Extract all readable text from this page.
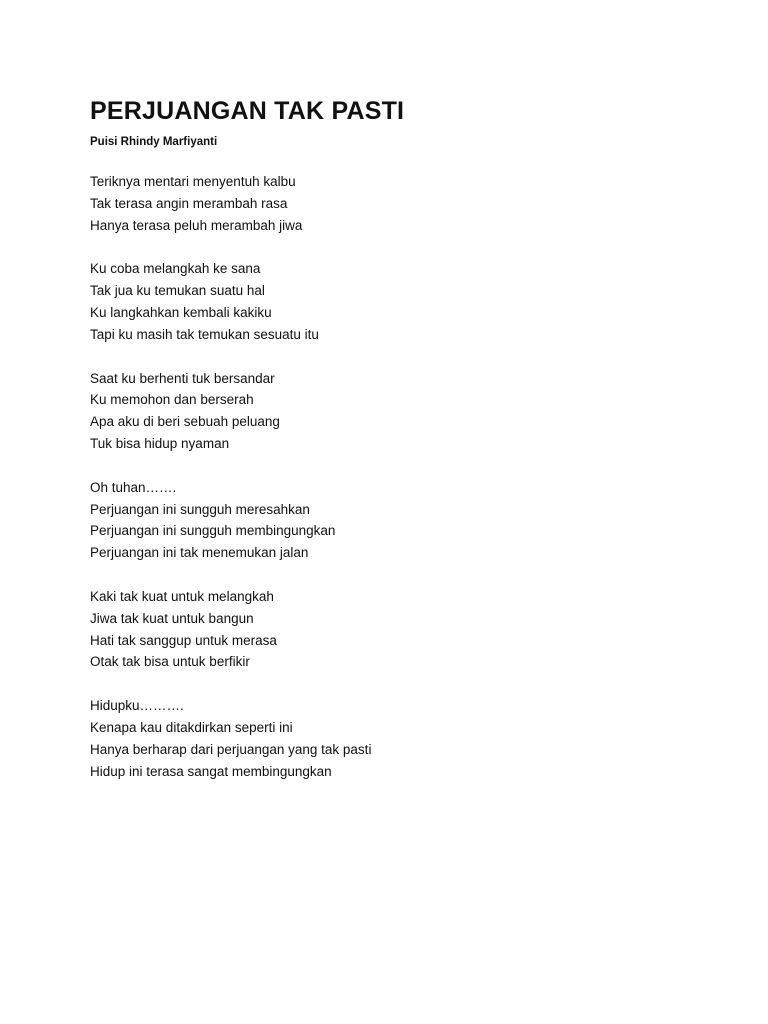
PERJUANGAN TAK PASTI
Puisi Rhindy Marfiyanti
Teriknya mentari menyentuh kalbu
Tak terasa angin merambah rasa
Hanya terasa peluh merambah jiwa
Ku coba melangkah ke sana
Tak jua ku temukan suatu hal
Ku langkahkan kembali kakiku
Tapi ku masih tak temukan sesuatu itu
Saat ku berhenti tuk bersandar
Ku memohon dan berserah
Apa aku di beri sebuah peluang
Tuk bisa hidup nyaman
Oh tuhan…….
Perjuangan ini sungguh meresahkan
Perjuangan ini sungguh membingungkan
Perjuangan ini tak menemukan jalan
Kaki tak kuat untuk melangkah
Jiwa tak kuat untuk bangun
Hati tak sanggup untuk merasa
Otak tak bisa untuk berfikir
Hidupku……….
Kenapa kau ditakdirkan seperti ini
Hanya berharap dari perjuangan yang tak pasti
Hidup ini terasa sangat membingungkan
